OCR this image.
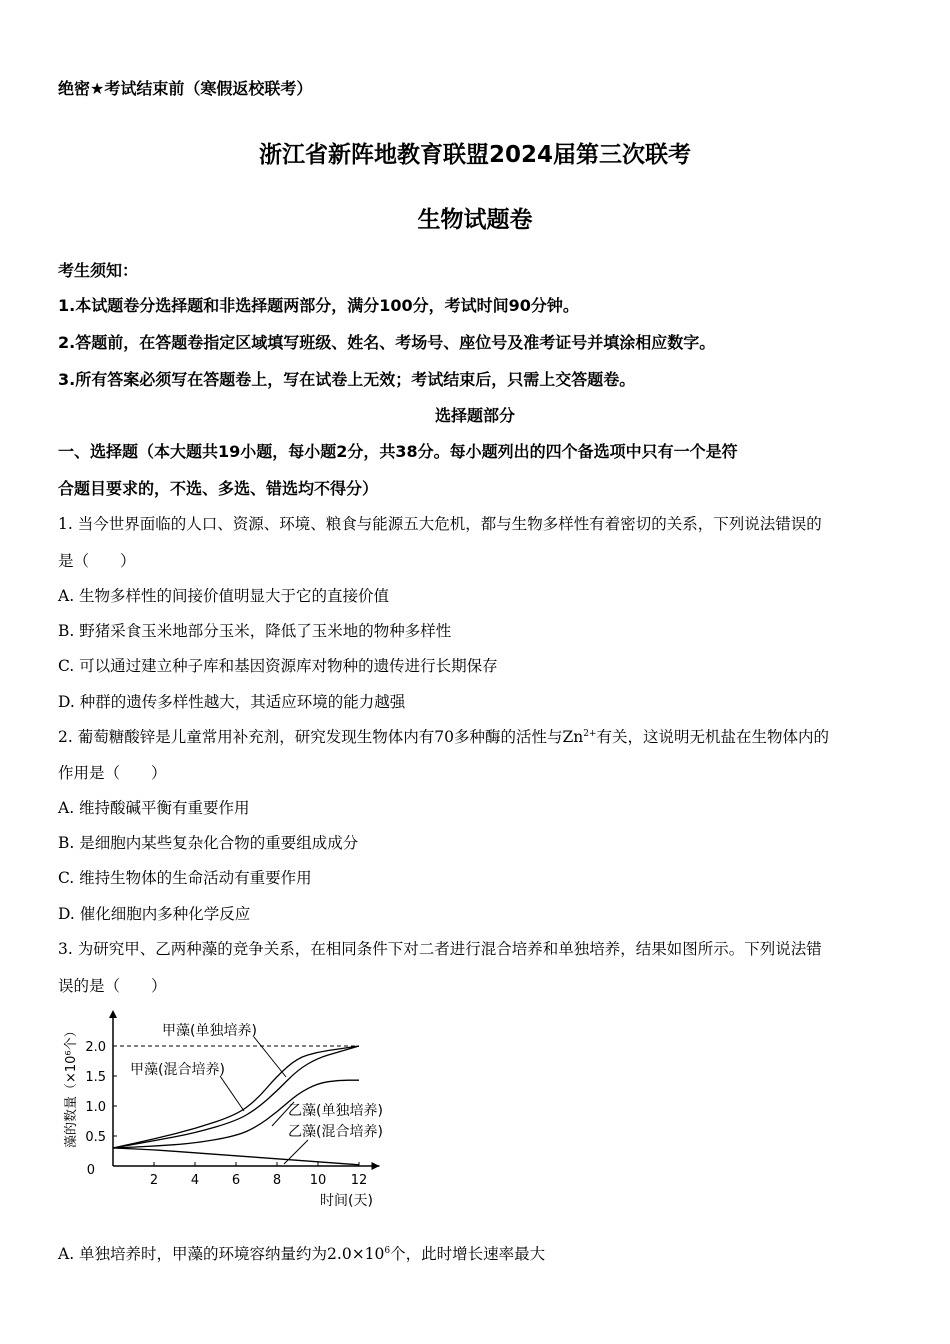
绝密★考试结束前（寒假返校联考）
浙江省新阵地教育联盟2024届第三次联考
生物试题卷
考生须知：
1.本试题卷分选择题和非选择题两部分，满分100分，考试时间90分钟。
2.答题前，在答题卷指定区域填写班级、姓名、考场号、座位号及准考证号并填涂相应数字。
3.所有答案必须写在答题卷上，写在试卷上无效；考试结束后，只需上交答题卷。
选择题部分
一、选择题（本大题共19小题，每小题2分，共38分。每小题列出的四个备选项中只有一个是符
合题目要求的，不选、多选、错选均不得分）
1. 当今世界面临的人口、资源、环境、粮食与能源五大危机，都与生物多样性有着密切的关系，下列说法错误的
是（　　）
A. 生物多样性的间接价值明显大于它的直接价值
B. 野猪采食玉米地部分玉米，降低了玉米地的物种多样性
C. 可以通过建立种子库和基因资源库对物种的遗传进行长期保存
D. 种群的遗传多样性越大，其适应环境的能力越强
2. 葡萄糖酸锌是儿童常用补充剂，研究发现生物体内有70多种酶的活性与$Zn^{2+}$有关，这说明无机盐在生物体内的
作用是（　　）
A. 维持酸碱平衡有重要作用
B. 是细胞内某些复杂化合物的重要组成成分
C. 维持生物体的生命活动有重要作用
D. 催化细胞内多种化学反应
3. 为研究甲、乙两种藻的竞争关系，在相同条件下对二者进行混合培养和单独培养，结果如图所示。下列说法错
误的是（　　）
藻的数量（×10⁶个）
时间(天)
2	4	6	8 10 12
0
0.5
1.0
1.5
2.0
甲藻(单独培养)
甲藻(混合培养)
乙藻(单独培养)
乙藻(混合培养)
A. 单独培养时，甲藻的环境容纳量约为$2.0\times 10^6$个，此时增长速率最大
